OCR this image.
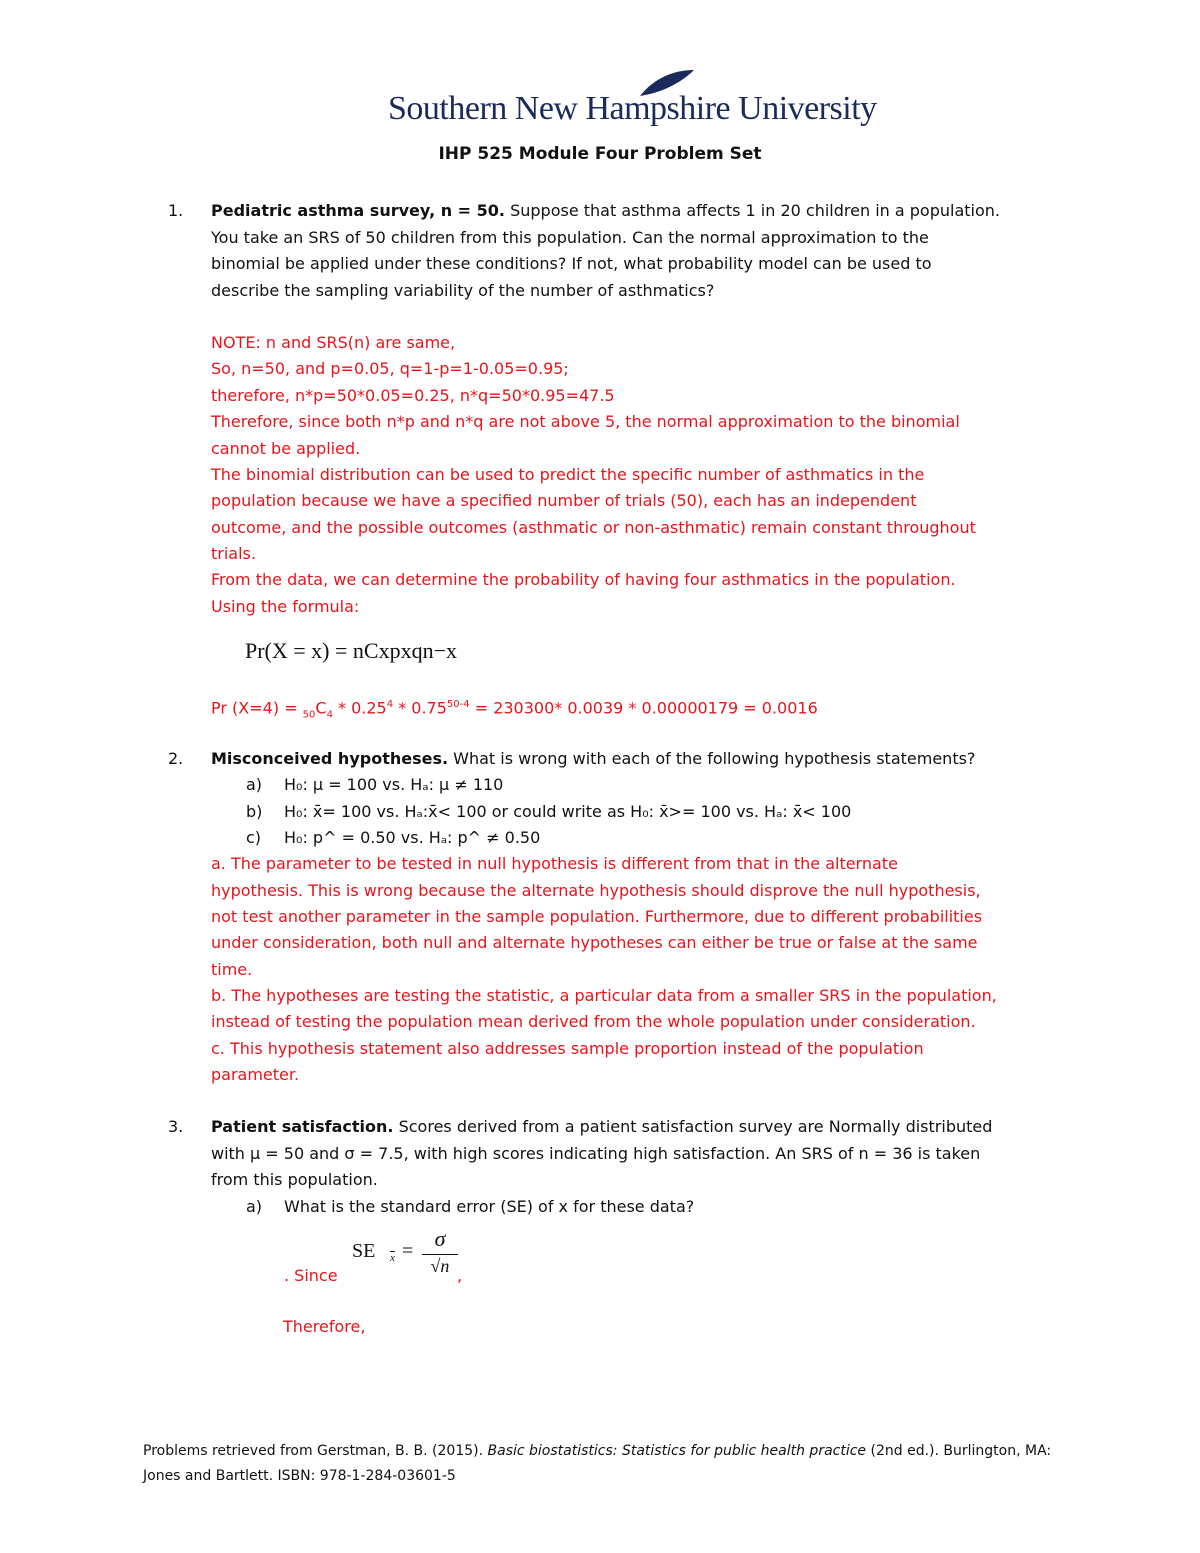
Southern New Hampshire University
IHP 525 Module Four Problem Set
1. Pediatric asthma survey, n = 50. Suppose that asthma affects 1 in 20 children in a population.
You take an SRS of 50 children from this population. Can the normal approximation to the
binomial be applied under these conditions? If not, what probability model can be used to
describe the sampling variability of the number of asthmatics?
NOTE: n and SRS(n) are same,
So, n=50, and p=0.05, q=1-p=1-0.05=0.95;
therefore, n*p=50*0.05=0.25, n*q=50*0.95=47.5
Therefore, since both n*p and n*q are not above 5, the normal approximation to the binomial
cannot be applied.
The binomial distribution can be used to predict the specific number of asthmatics in the
population because we have a specified number of trials (50), each has an independent
outcome, and the possible outcomes (asthmatic or non-asthmatic) remain constant throughout
trials.
From the data, we can determine the probability of having four asthmatics in the population.
Using the formula:
Pr(X = x) = nCxpxqn−x
Pr $(X=4) = _{50}C_4 * 0.25^4 * 0.75^{50-4} = 230300*$ 0.0039 * 0.00000179 = 0.0016
2. Misconceived hypotheses. What is wrong with each of the following hypothesis statements?
a) H₀: μ = 100 vs. Hₐ: μ ≠ 110
b) H₀: x̄= 100 vs. Hₐ:x̄< 100 or could write as H₀: x̄>= 100 vs. Hₐ: x̄< 100
c) H₀: p^ = 0.50 vs. Hₐ: p^ ≠ 0.50
a. The parameter to be tested in null hypothesis is different from that in the alternate
hypothesis. This is wrong because the alternate hypothesis should disprove the null hypothesis,
not test another parameter in the sample population. Furthermore, due to different probabilities
under consideration, both null and alternate hypotheses can either be true or false at the same
time.
b. The hypotheses are testing the statistic, a particular data from a smaller SRS in the population,
instead of testing the population mean derived from the whole population under consideration.
c. This hypothesis statement also addresses sample proportion instead of the population
parameter.
3. Patient satisfaction. Scores derived from a patient satisfaction survey are Normally distributed
with μ = 50 and σ = 7.5, with high scores indicating high satisfaction. An SRS of n = 36 is taken
from this population.
a) What is the standard error (SE) of x for these data?
. Since
SE $\overline{x} = \sigma$
√n ,
Therefore,
Problems retrieved from Gerstman, B. B. (2015). Basic biostatistics: Statistics for public health practice (2nd ed.). Burlington, MA:
Jones and Bartlett. ISBN: 978-1-284-03601-5
